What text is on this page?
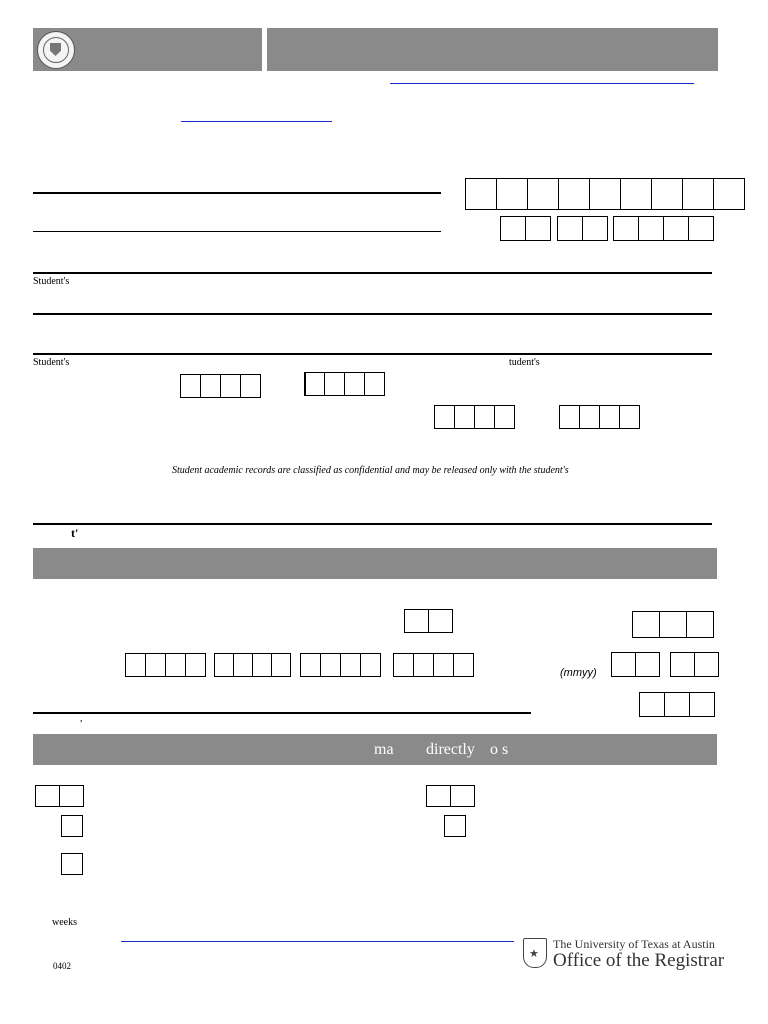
Student's
Student's	tudent's
Student academic records are classified as confidential and may be released only with the student's
t'
(mmyy)
,
ma directly o s
weeks
0402
★
The University of Texas at Austin
Office of the Registrar
